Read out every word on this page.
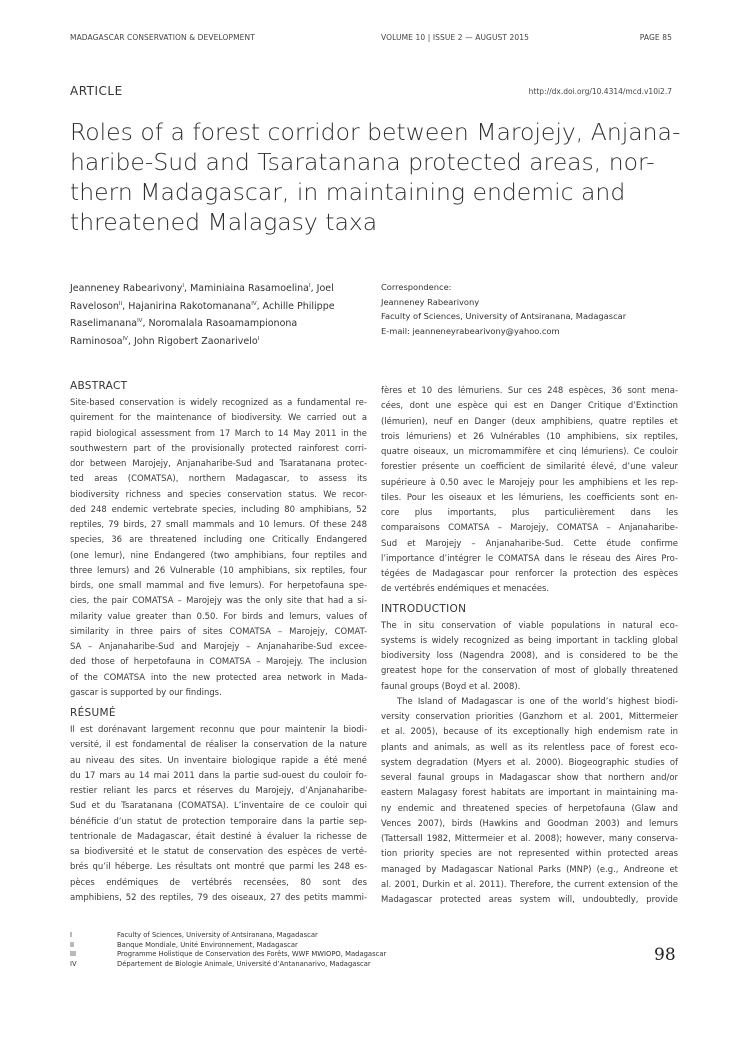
MADAGASCAR CONSERVATION & DEVELOPMENT	VOLUME 10 | ISSUE 2 — AUGUST 2015	PAGE 85
ARTICLE	http://dx.doi.org/10.4314/mcd.v10i2.7
Roles of a forest corridor between Marojejy, Anjana-
haribe-Sud and Tsaratanana protected areas, nor-
thern Madagascar, in maintaining endemic and
threatened Malagasy taxa
Jeanneney Rabearivony$^I$, Maminiaina Rasamoelina$^I$, Joel
Raveloson$^{II}$, Hajanirina Rakotomanana$^{IV}$, Achille Philippe
Raselimanana$^{IV}$, Noromalala Rasoamampionona
Raminosoa$^{IV}$, John Rigobert Zaonarivelo$^I$
Correspondence:
Jeanneney Rabearivony
Faculty of Sciences, University of Antsiranana, Madagascar
E-mail: jeanneneyrabearivony@yahoo.com
ABSTRACT
Site-based conservation is widely recognized as a fundamental re-
quirement for the maintenance of biodiversity. We carried out a
rapid biological assessment from 17 March to 14 May 2011 in the
southwestern part of the provisionally protected rainforest corri-
dor between Marojejy, Anjanaharibe-Sud and Tsaratanana protec-
ted areas (COMATSA), northern Madagascar, to assess its
biodiversity richness and species conservation status. We recor-
ded 248 endemic vertebrate species, including 80 amphibians, 52
reptiles, 79 birds, 27 small mammals and 10 lemurs. Of these 248
species, 36 are threatened including one Critically Endangered
(one lemur), nine Endangered (two amphibians, four reptiles and
three lemurs) and 26 Vulnerable (10 amphibians, six reptiles, four
birds, one small mammal and five lemurs). For herpetofauna spe-
cies, the pair COMATSA – Marojejy was the only site that had a si-
milarity value greater than 0.50. For birds and lemurs, values of
similarity in three pairs of sites COMATSA – Marojejy, COMAT-
SA – Anjanaharibe-Sud and Marojejy – Anjanaharibe-Sud excee-
ded those of herpetofauna in COMATSA – Marojejy. The inclusion
of the COMATSA into the new protected area network in Mada-
gascar is supported by our findings.
RÉSUMÉ
Il est dorénavant largement reconnu que pour maintenir la biodi-
versité, il est fondamental de réaliser la conservation de la nature
au niveau des sites. Un inventaire biologique rapide a été mené
du 17 mars au 14 mai 2011 dans la partie sud-ouest du couloir fo-
restier reliant les parcs et réserves du Marojejy, d’Anjanaharibe-
Sud et du Tsaratanana (COMATSA). L’inventaire de ce couloir qui
bénéficie d’un statut de protection temporaire dans la partie sep-
tentrionale de Madagascar, était destiné à évaluer la richesse de
sa biodiversité et le statut de conservation des espèces de verté-
brés qu’il héberge. Les résultats ont montré que parmi les 248 es-
pèces endémiques de vertébrés recensées, 80 sont des
amphibiens, 52 des reptiles, 79 des oiseaux, 27 des petits mammi-
fères et 10 des lémuriens. Sur ces 248 espèces, 36 sont mena-
cées, dont une espèce qui est en Danger Critique d’Extinction
(lémurien), neuf en Danger (deux amphibiens, quatre reptiles et
trois lémuriens) et 26 Vulnérables (10 amphibiens, six reptiles,
quatre oiseaux, un micromammifère et cinq lémuriens). Ce couloir
forestier présente un coefficient de similarité élevé, d’une valeur
supérieure à 0.50 avec le Marojejy pour les amphibiens et les rep-
tiles. Pour les oiseaux et les lémuriens, les coefficients sont en-
core plus importants, plus particulièrement dans les
comparaisons COMATSA – Marojejy, COMATSA – Anjanaharibe-
Sud et Marojejy – Anjanaharibe-Sud. Cette étude confirme
l’importance d’intégrer le COMATSA dans le réseau des Aires Pro-
tégées de Madagascar pour renforcer la protection des espèces
de vertébrés endémiques et menacées.
INTRODUCTION
The in situ conservation of viable populations in natural eco-
systems is widely recognized as being important in tackling global
biodiversity loss (Nagendra 2008), and is considered to be the
greatest hope for the conservation of most of globally threatened
faunal groups (Boyd et al. 2008).
The Island of Madagascar is one of the world’s highest biodi-
versity conservation priorities (Ganzhorn et al. 2001, Mittermeier
et al. 2005), because of its exceptionally high endemism rate in
plants and animals, as well as its relentless pace of forest eco-
system degradation (Myers et al. 2000). Biogeographic studies of
several faunal groups in Madagascar show that northern and/or
eastern Malagasy forest habitats are important in maintaining ma-
ny endemic and threatened species of herpetofauna (Glaw and
Vences 2007), birds (Hawkins and Goodman 2003) and lemurs
(Tattersall 1982, Mittermeier et al. 2008); however, many conserva-
tion priority species are not represented within protected areas
managed by Madagascar National Parks (MNP) (e.g., Andreone et
al. 2001, Durkin et al. 2011). Therefore, the current extension of the
Madagascar protected areas system will, undoubtedly, provide
I	Faculty of Sciences, University of Antsiranana, Magadascar
II	Banque Mondiale, Unité Environnement, Madagascar
III	Programme Holistique de Conservation des Forêts, WWF MWIOPO, Madagascar
IV	Département de Biologie Animale, Université d’Antananarivo, Madagascar	98
